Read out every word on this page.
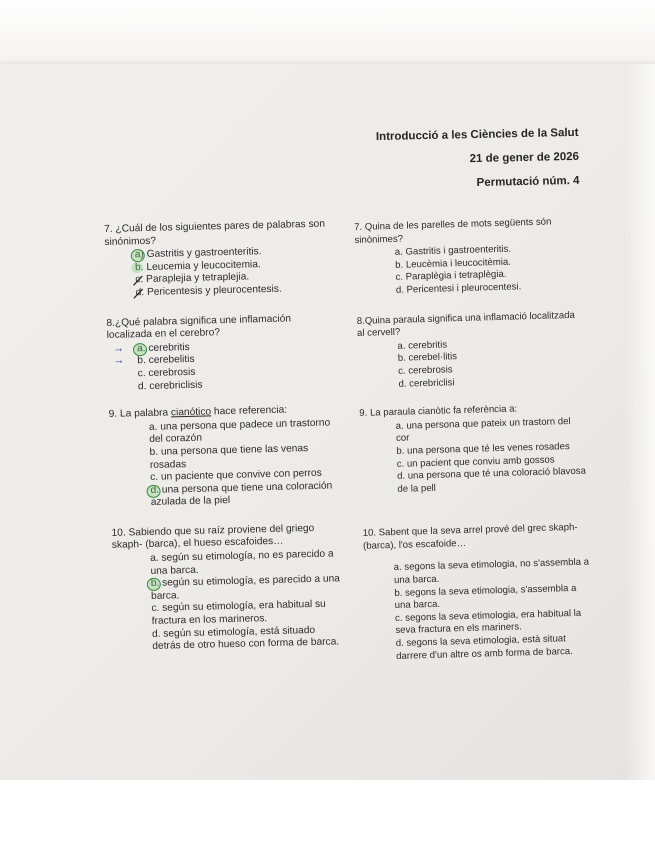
Introducció a les Ciències de la Salut
21 de gener de 2026
Permutació núm. 4
7. ¿Cuál de los siguientes pares de palabras son sinónimos?
a) Gastritis y gastroenteritis.
b. Leucemia y leucocitemia.
c. Paraplejia y tetraplejia.
d. Pericentesis y pleurocentesis.
8.¿Qué palabra significa une inflamación localizada en el cerebro?
→ a. cerebritis
→ b. cerebelitis
c. cerebrosis
d. cerebriclisis
9. La palabra cianótico hace referencia:
a. una persona que padece un trastorno del corazón
b. una persona que tiene las venas rosadas
c. un paciente que convive con perros
d. una persona que tiene una coloración azulada de la piel
10. Sabiendo que su raíz proviene del griego skaph- (barca), el hueso escafoides…
a. según su etimología, no es parecido a una barca.
b. según su etimología, es parecido a una barca.
c. según su etimología, era habitual su fractura en los marineros.
d. según su etimología, está situado detrás de otro hueso con forma de barca.
7. Quina de les parelles de mots següents són sinònimes?
a. Gastritis i gastroenteritis.
b. Leucèmia i leucocitèmia.
c. Paraplègia i tetraplègia.
d. Pericentesi i pleurocentesi.
8.Quina paraula significa una inflamació localitzada al cervell?
a. cerebritis
b. cerebel·litis
c. cerebrosis
d. cerebriclisi
9. La paraula cianòtic fa referència a:
a. una persona que pateix un trastorn del cor
b. una persona que té les venes rosades
c. un pacient que conviu amb gossos
d. una persona que té una coloració blavosa de la pell
10. Sabent que la seva arrel prové del grec skaph- (barca), l'os escafoide…
a. segons la seva etimologia, no s'assembla a una barca.
b. segons la seva etimologia, s'assembla a una barca.
c. segons la seva etimologia, era habitual la seva fractura en els mariners.
d. segons la seva etimologia, està situat darrere d'un altre os amb forma de barca.
